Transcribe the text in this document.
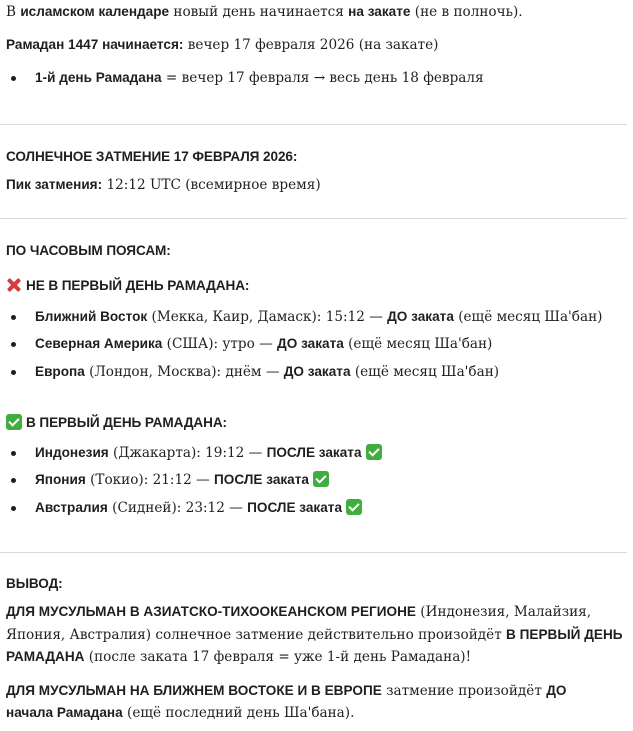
В исламском календаре новый день начинается на закате (не в полночь).

Рамадан 1447 начинается: вечер 17 февраля 2026 (на закате)

1-й день Рамадана = вечер 17 февраля → весь день 18 февраля

СОЛНЕЧНОЕ ЗАТМЕНИЕ 17 ФЕВРАЛЯ 2026:

Пик затмения: 12:12 UTC (всемирное время)

ПО ЧАСОВЫМ ПОЯСАМ:

НЕ В ПЕРВЫЙ ДЕНЬ РАМАДАНА:

Ближний Восток (Мекка, Каир, Дамаск): 15:12 — ДО заката (ещё месяц Ша'бан)
Северная Америка (США): утро — ДО заката (ещё месяц Ша'бан)
Европа (Лондон, Москва): днём — ДО заката (ещё месяц Ша'бан)

В ПЕРВЫЙ ДЕНЬ РАМАДАНА:

Индонезия (Джакарта): 19:12 — ПОСЛЕ заката
Япония (Токио): 21:12 — ПОСЛЕ заката
Австралия (Сидней): 23:12 — ПОСЛЕ заката

ВЫВОД:

ДЛЯ МУСУЛЬМАН В АЗИАТСКО-ТИХООКЕАНСКОМ РЕГИОНЕ (Индонезия, Малайзия,

Япония, Австралия) солнечное затмение действительно произойдёт В ПЕРВЫЙ ДЕНЬ

РАМАДАНА (после заката 17 февраля = уже 1-й день Рамадана)!

ДЛЯ МУСУЛЬМАН НА БЛИЖНЕМ ВОСТОКЕ И В ЕВРОПЕ затмение произойдёт ДО

начала Рамадана (ещё последний день Ша'бана).
